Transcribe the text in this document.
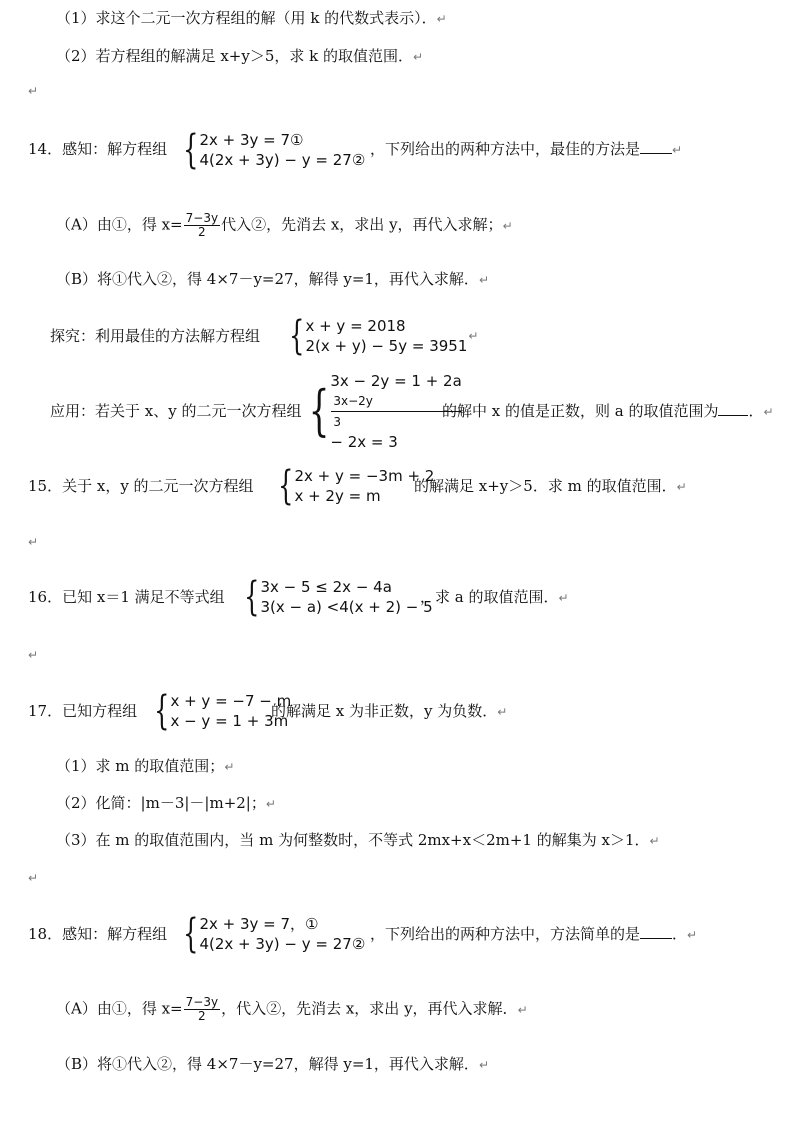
（1）求这个二元一次方程组的解（用 k 的代数式表示）．↵
（2）若方程组的解满足 x+y＞5，求 k 的取值范围．↵
↵
14．感知：解方程组 { 2x + 3y = 7①
4(2x + 3y) − y = 27②
，下列给出的两种方法中，最佳的方法是	↵
（A）由①，得 $x= \frac{7-3y}{2}$ 代入②，先消去 x，求出 y，再代入求解；↵
（B）将①代入②，得 4×7－y=27，解得 y=1，再代入求解．↵
探究：利用最佳的方法解方程组 { x + y = 2018
2(x + y) − 5y = 3951
↵
应用：若关于 x、y 的二元一次方程组 { 3x − 2y = 1 + 2a
3x−2y
3
− 2x = 3
的解中 x 的值是正数，则 a 的取值范围为 ．↵
15．关于 x，y 的二元一次方程组 { 2x + y = −3m + 2
x + 2y = m
的解满足 x+y＞5．求 m 的取值范围．↵
↵
16．已知 x＝1 满足不等式组 { 3x − 5 ≤ 2x − 4a
3(x − a) <4(x + 2) − 5
，求 a 的取值范围．↵
↵
17．已知方程组 { x + y = −7 − m
x − y = 1 + 3m
的解满足 x 为非正数，y 为负数．↵
（1）求 m 的取值范围；↵
（2）化简：|m－3|－|m+2|；↵
（3）在 m 的取值范围内，当 m 为何整数时，不等式 2mx+x＜2m+1 的解集为 x＞1．↵
↵
18．感知：解方程组 { 2x + 3y = 7，①
4(2x + 3y) − y = 27②
，下列给出的两种方法中，方法简单的是 ．↵
（A）由①，得 $x= \frac{7-3y}{2}$ ，代入②，先消去 x，求出 y，再代入求解．↵
（B）将①代入②，得 4×7－y=27，解得 y=1，再代入求解．↵
